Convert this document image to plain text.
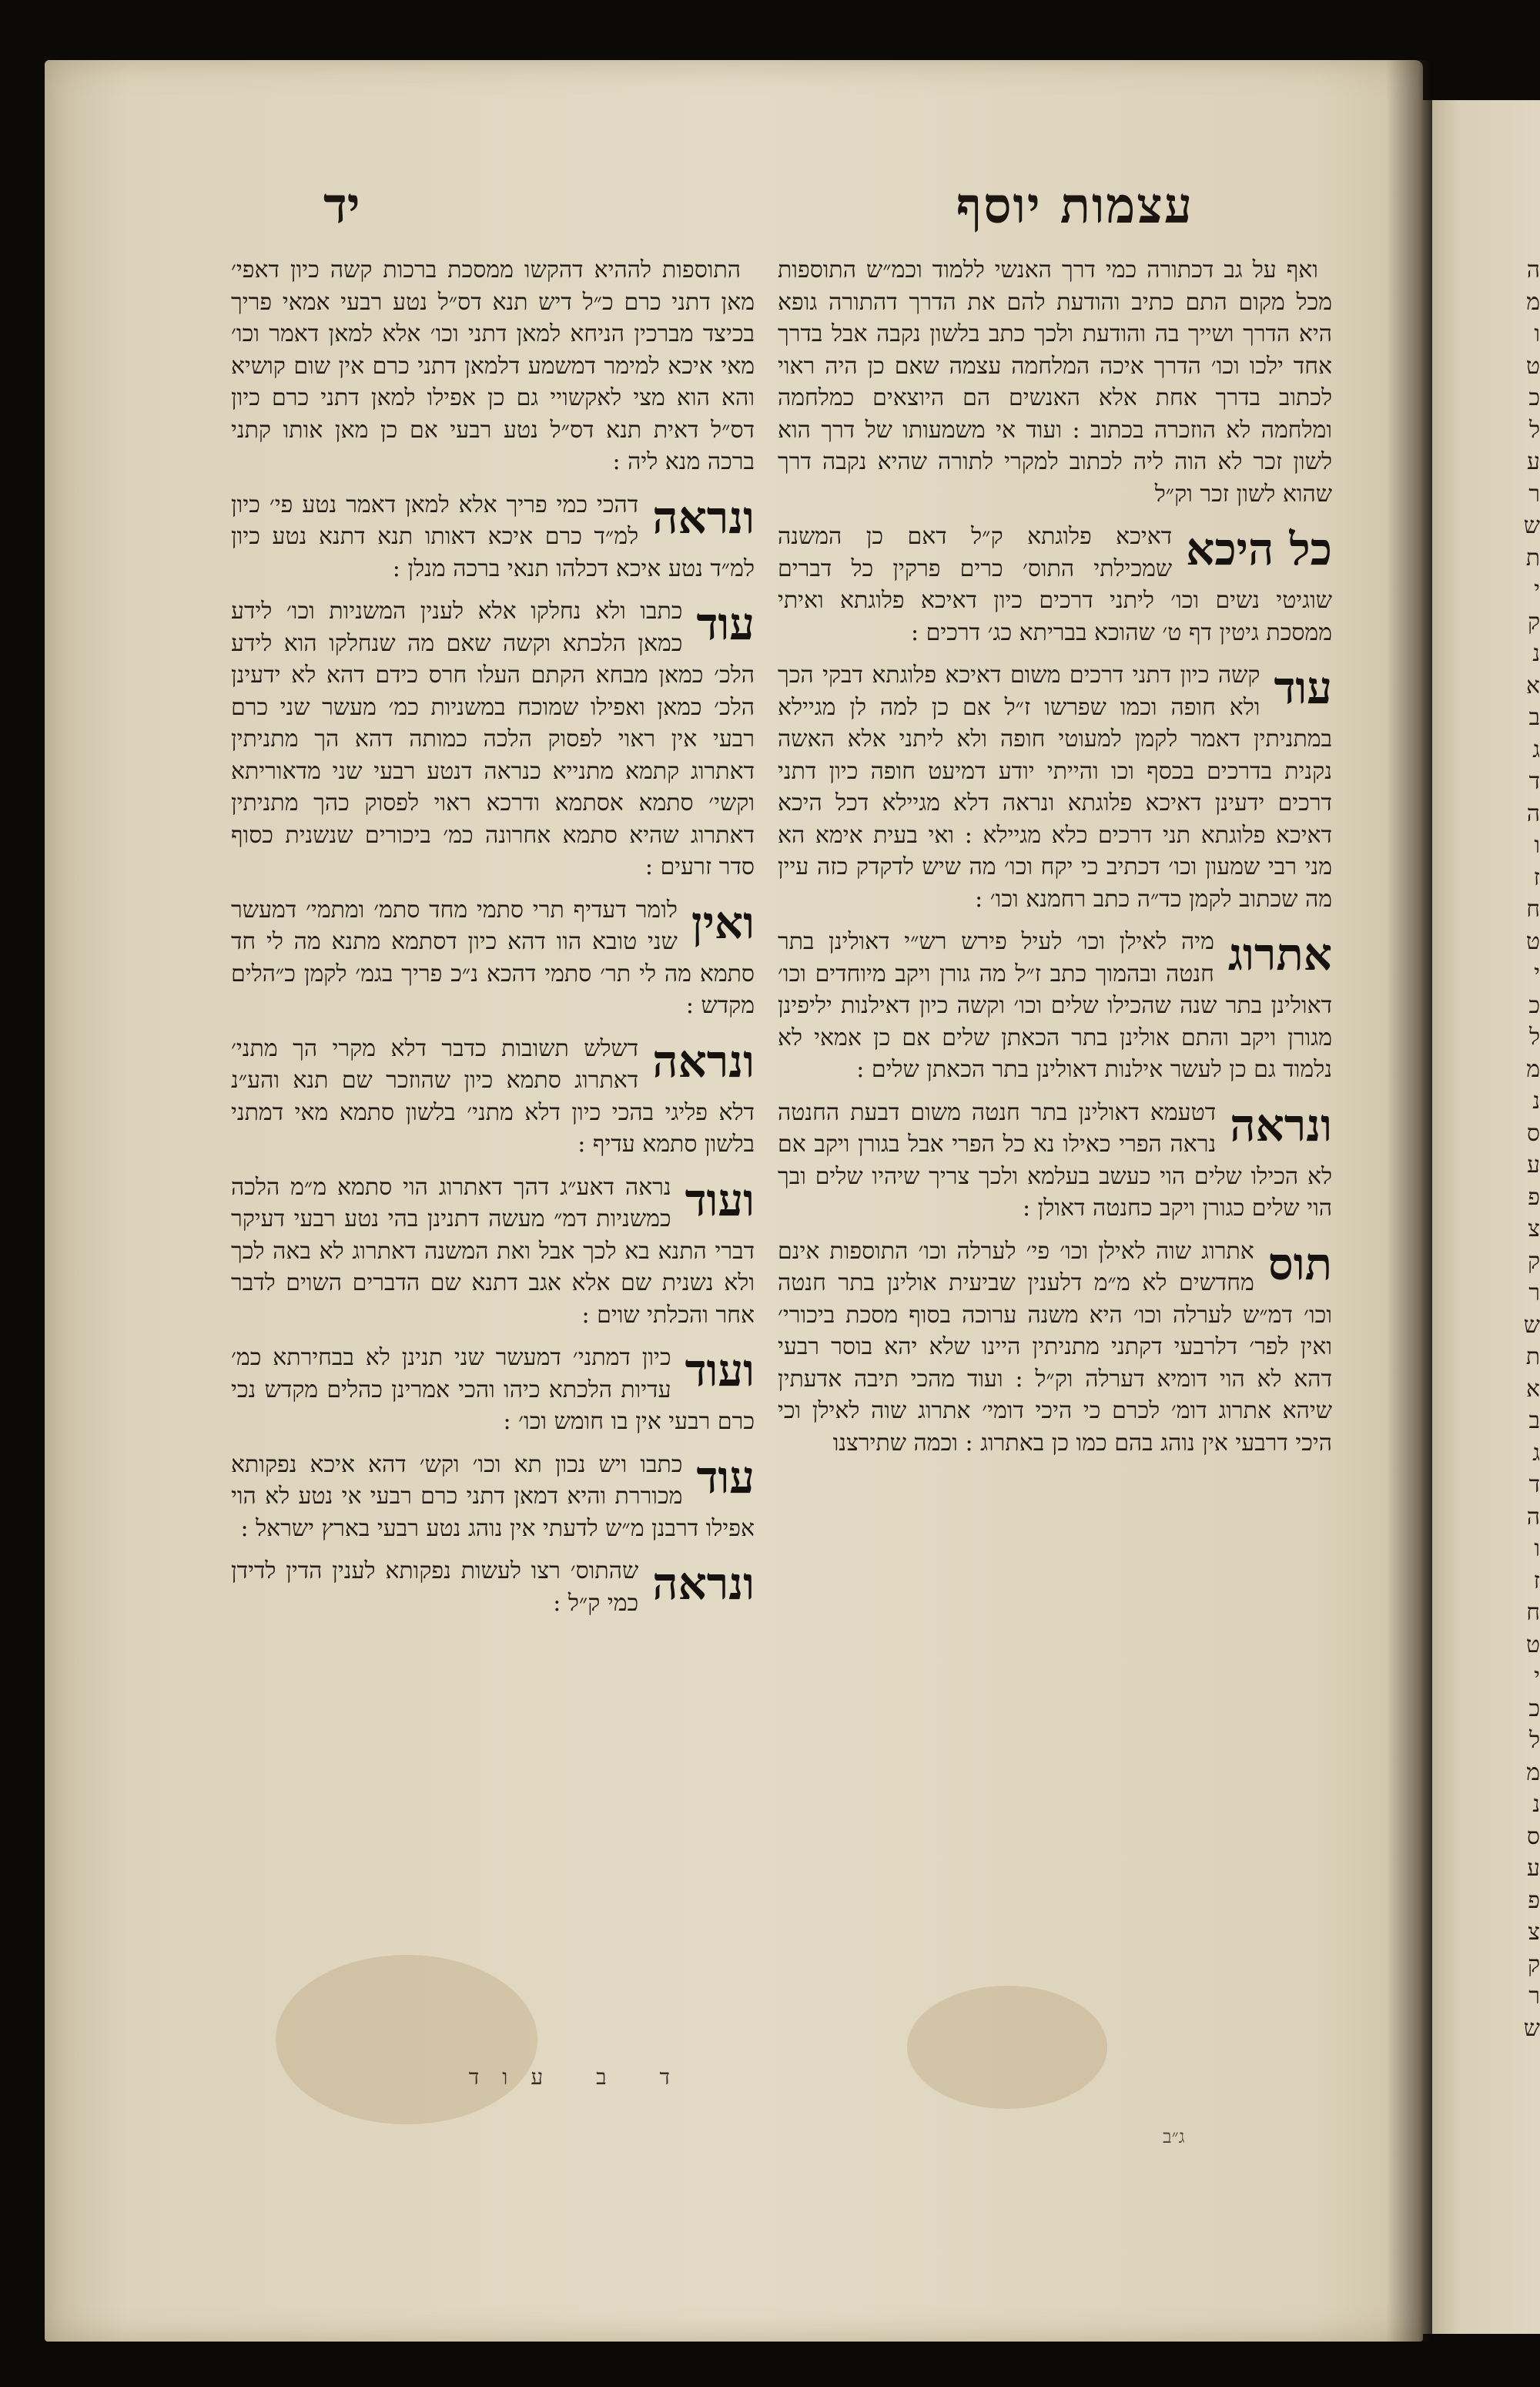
עצמות יוסף
יד

ואף על גב דכתורה כמי דרך האנשי ללמוד וכמ״ש התוספות מכל מקום התם כתיב והודעת להם את הדרך דהתורה גופא היא הדרך ושייך בה והודעת ולכך כתב בלשון נקבה אבל בדרך אחד ילכו וכו׳ הדרך איכה המלחמה עצמה שאם כן היה ראוי לכתוב בדרך אחת אלא האנשים הם היוצאים כמלחמה ומלחמה לא הוזכרה בכתוב : ועוד אי משמעותו של דרך הוא לשון זכר לא הוה ליה לכתוב למקרי לתורה שהיא נקבה דרך שהוא לשון זכר וק״ל

כל היכא

דאיכא פלוגתא ק״ל דאם כן המשנה שמכילתי התוס׳ כרים פרקין כל דברים שוגיטי נשים וכו׳ ליתני דרכים כיון דאיכא פלוגתא ואיתי ממסכת גיטין דף ט׳ שהוכא בבריתא כג׳ דרכים :

עוד

קשה כיון דתני דרכים משום דאיכא פלוגתא דבקי הכך ולא חופה וכמו שפרשו ז״ל אם כן למה לן מגיילא במתניתין דאמר לקמן למעוטי חופה ולא ליתני אלא האשה נקנית בדרכים בכסף וכו והייתי יודע דמיעט חופה כיון דתני דרכים ידעינן דאיכא פלוגתא ונראה דלא מגיילא דכל היכא דאיכא פלוגתא תני דרכים כלא מגיילא : ואי בעית אימא הא מני רבי שמעון וכו׳ דכתיב כי יקח וכו׳ מה שיש לדקדק כזה עיין מה שכתוב לקמן כד״ה כתב רחמנא וכו׳ :

אתרוג

מיה לאילן וכו׳ לעיל פירש רש״י דאולינן בתר חנטה ובהמוך כתב ז״ל מה גורן ויקב מיוחדים וכו׳ דאולינן בתר שנה שהכילו שלים וכו׳ וקשה כיון דאילנות יליפינן מגורן ויקב והתם אולינן בתר הכאתן שלים אם כן אמאי לא נלמוד גם כן לעשר אילנות דאולינן בתר הכאתן שלים :

ונראה

דטעמא דאולינן בתר חנטה משום דבעת החנטה נראה הפרי כאילו נא כל הפרי אבל בגורן ויקב אם לא הכילו שלים הוי כעשב בעלמא ולכך צריך שיהיו שלים ובך הוי שלים כגורן ויקב כחנטה דאולן :

תוס

אתרוג שוה לאילן וכו׳ פי׳ לערלה וכו׳ התוספות אינם מחדשים לא מ״מ דלענין שביעית אולינן בתר חנטה וכו׳ דמ״ש לערלה וכו׳ היא משנה ערוכה בסוף מסכת ביכורי׳ ואין לפר׳ דלרבעי דקתני מתניתין היינו שלא יהא בוסר רבעי דהא לא הוי דומיא דערלה וק״ל : ועוד מהכי תיבה אדעתין שיהא אתרוג דומ׳ לכרם כי היכי דומי׳ אתרוג שוה לאילן וכי היכי דרבעי אין נוהג בהם כמו כן באתרוג : וכמה שתירצנו

התוספות לההיא דהקשו ממסכת ברכות קשה כיון דאפי׳ מאן דתני כרם כ״ל דיש תנא דס״ל נטע רבעי אמאי פריך בכיצד מברכין הניחא למאן דתני וכו׳ אלא למאן דאמר וכו׳ מאי איכא למימר דמשמע דלמאן דתני כרם אין שום קושיא והא הוא מצי לאקשויי גם כן אפילו למאן דתני כרם כיון דס״ל דאית תנא דס״ל נטע רבעי אם כן מאן אותו קתני ברכה מנא ליה :

ונראה

דהכי כמי פריך אלא למאן דאמר נטע פי׳ כיון למ״ד כרם איכא דאותו תנא דתנא נטע כיון למ״ד נטע איכא דכלהו תנאי ברכה מנלן :

עוד

כתבו ולא נחלקו אלא לענין המשניות וכו׳ לידע כמאן הלכתא וקשה שאם מה שנחלקו הוא לידע הלכ׳ כמאן מבחא הקתם העלו חרס כידם דהא לא ידעינן הלכ׳ כמאן ואפילו שמוכח במשניות כמ׳ מעשר שני כרם רבעי אין ראוי לפסוק הלכה כמותה דהא הך מתניתין דאתרוג קתמא מתנייא כנראה דנטע רבעי שני מדאוריתא וקשי׳ סתמא אסתמא ודרכא ראוי לפסוק כהך מתניתין דאתרוג שהיא סתמא אחרונה כמ׳ ביכורים שנשנית כסוף סדר זרעים :

ואין

לומר דעדיף תרי סתמי מחד סתמ׳ ומתמי׳ דמעשר שני טובא הוו דהא כיון דסתמא מתנא מה לי חד סתמא מה לי תר׳ סתמי דהכא נ״כ פריך בגמ׳ לקמן כ״הלים מקדש :

ונראה

דשלש תשובות כדבר דלא מקרי הך מתני׳ דאתרוג סתמא כיון שהוזכר שם תנא והע״נ דלא פליגי בהכי כיון דלא מתני׳ בלשון סתמא מאי דמתני בלשון סתמא עדיף :

ועוד

נראה דאע״ג דהך דאתרוג הוי סתמא מ״מ הלכה כמשניות דמ״ מעשה דתנינן בהי נטע רבעי דעיקר דברי התנא בא לכך אבל ואת המשנה דאתרוג לא באה לכך ולא נשנית שם אלא אגב דתנא שם הדברים השוים לדבר אחר והכלתי שוים :

ועוד

כיון דמתני׳ דמעשר שני תנינן לא בבחירתא כמ׳ עדיות הלכתא כיהו והכי אמרינן כהלים מקדש נכי כרם רבעי אין בו חומש וכו׳ :

עוד

כתבו ויש נכון תא וכו׳ וקש׳ דהא איכא נפקותא מכוררת והיא דמאן דתני כרם רבעי אי נטע לא הוי אפילו דרבנן מ״ש לדעתי אין נוהג נטע רבעי בארץ ישראל :

ונראה

שהתוס׳ רצו לעשות נפקותא לענין הדין לדידן כמי ק״ל :

ה
מ
ו
ט
כ
ל
ע
ר
ש
ת
י
ק
נ
א
ב
ג
ד
ה
ו
ז
ח
ט
י
כ
ל
מ
נ
ס
ע
פ
צ
ק
ר
ש
ת
א
ב
ג
ד
ה
ו
ז
ח
ט
י
כ
ל
מ
נ
ס
ע
פ
צ
ק
ר
ש
ד ב עוד
ג״ב
